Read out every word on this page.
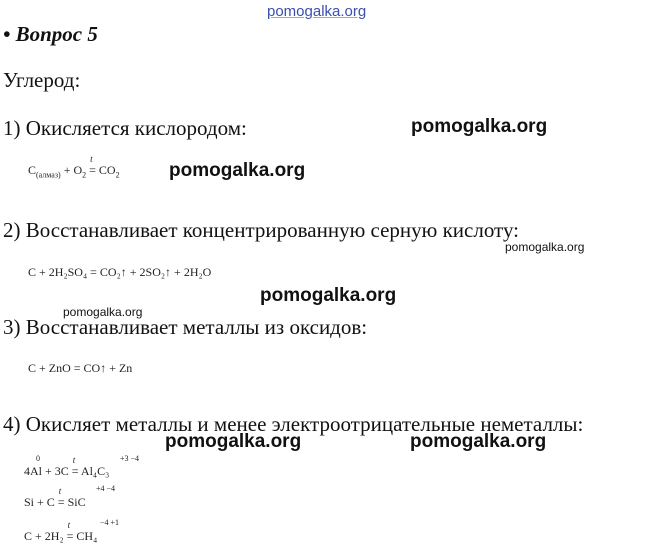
pomogalka.org
• Вопрос 5
Углерод:
1) Окисляется кислородом:	pomogalka.org
$C_{(алмаз)} + O_2$ =
t
$CO_2$	pomogalka.org
2) Восстанавливает концентрированную серную кислоту:
pomogalka.org
C + 2H₂SO₄ = CO₂↑ + 2SO₂↑ + 2H₂O
pomogalka.org
pomogalka.org
3) Восстанавливает металлы из оксидов:
C + ZnO = CO↑ + Zn
4) Окисляет металлы и менее электроотрицательные неметаллы:
pomogalka.org	pomogalka.org
0	+3 −4
4Al + 3C =
t
Al₄C₃
+4 −4
Si + C =
t
SiC
−4 +1
C + 2H₂ =
t
CH₄
